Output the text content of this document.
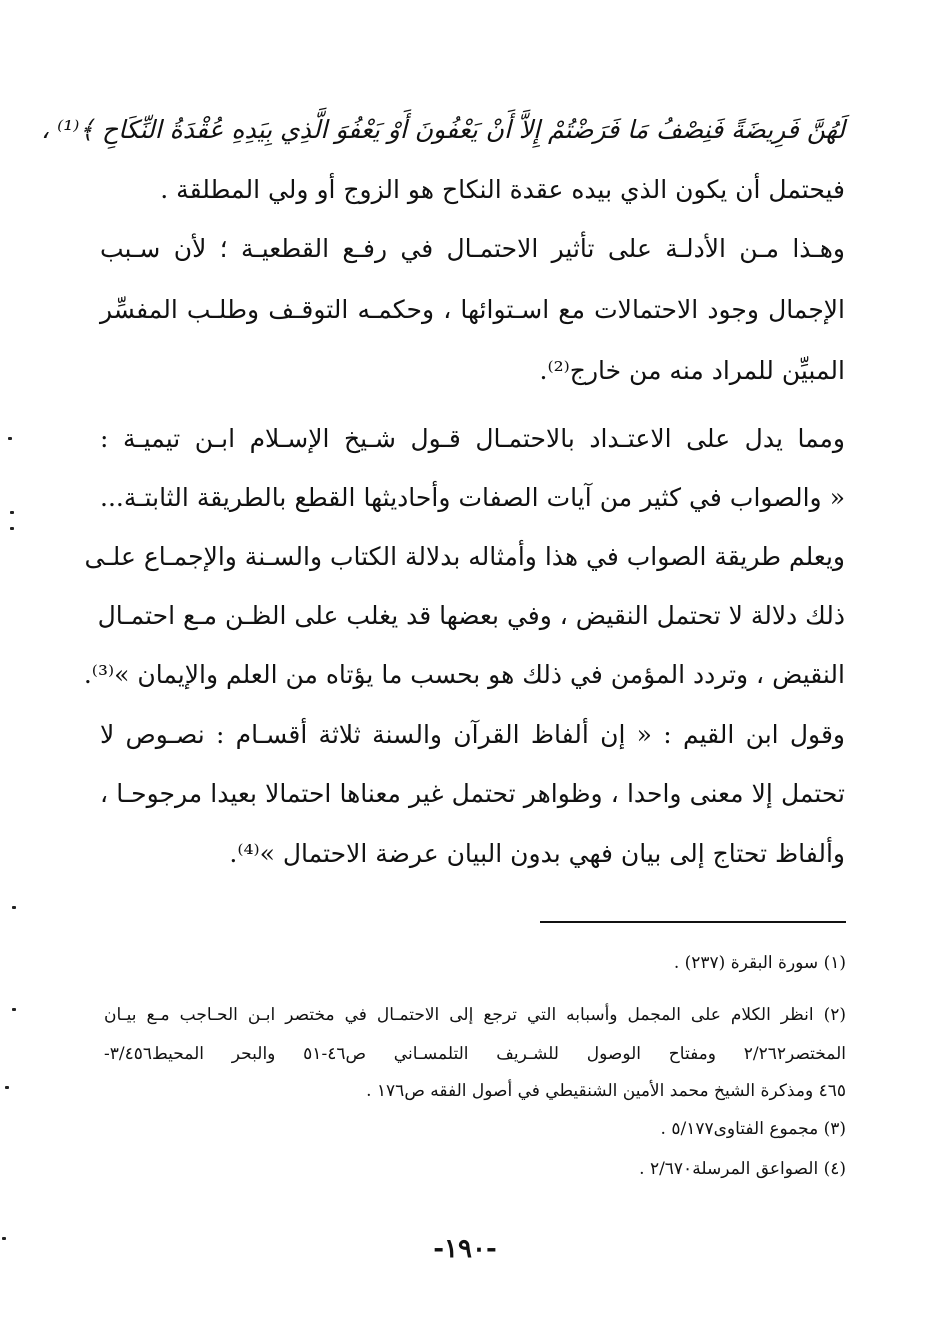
لَهُنَّ فَرِيضَةً فَنِصْفُ مَا فَرَضْتُمْ إِلاَّ أَنْ يَعْفُونَ أَوْ يَعْفُوَ الَّذِي بِيَدِهِ عُقْدَةُ النِّكَاحِ ﴾⁽¹⁾ ،

فيحتمل أن يكون الذي بيده عقدة النكاح هو الزوج أو ولي المطلقة .

وهـذا مـن الأدلـة على تأثير الاحتمـال في رفـع القطعيـة ؛ لأن سـبب

الإجمال وجود الاحتمالات مع اسـتوائها ، وحكمـه التوقـف وطلـب المفسِّر

المبيِّن للمراد منه من خارج⁽²⁾.

ومما يدل على الاعتـداد بالاحتمـال قـول شـيخ الإسـلام ابـن تيميـة :

« والصواب في كثير من آيات الصفات وأحاديثها القطع بالطريقة الثابتـة...

ويعلم طريقة الصواب في هذا وأمثاله بدلالة الكتاب والسـنة والإجمـاع علـى

ذلك دلالة لا تحتمل النقيض ، وفي بعضها قد يغلب على الظـن مـع احتمـال

النقيض ، وتردد المؤمن في ذلك هو بحسب ما يؤتاه من العلم والإيمان »⁽³⁾.

وقول ابن القيم : « إن ألفاظ القرآن والسنة ثلاثة أقسـام : نصـوص لا

تحتمل إلا معنى واحدا ، وظواهر تحتمل غير معناها احتمالا بعيدا مرجوحـا ،

وألفاظ تحتاج إلى بيان فهي بدون البيان عرضة الاحتمال »⁽⁴⁾.

(١) سورة البقرة (٢٣٧) .

(٢) انظر الكلام على المجمل وأسبابه التي ترجع إلى الاحتمـال في مختصر ابـن الحـاجب مـع بيـان

المختصر٢/٢٦٢ ومفتاح الوصول للشـريف التلمسـاني ص٤٦-٥١ والبحر المحيط٣/٤٥٦-

٤٦٥ ومذكرة الشيخ محمد الأمين الشنقيطي في أصول الفقه ص١٧٦ .

(٣) مجموع الفتاوى٥/١٧٧ .

(٤) الصواعق المرسلة٢/٦٧٠ .

-١٩٠-
